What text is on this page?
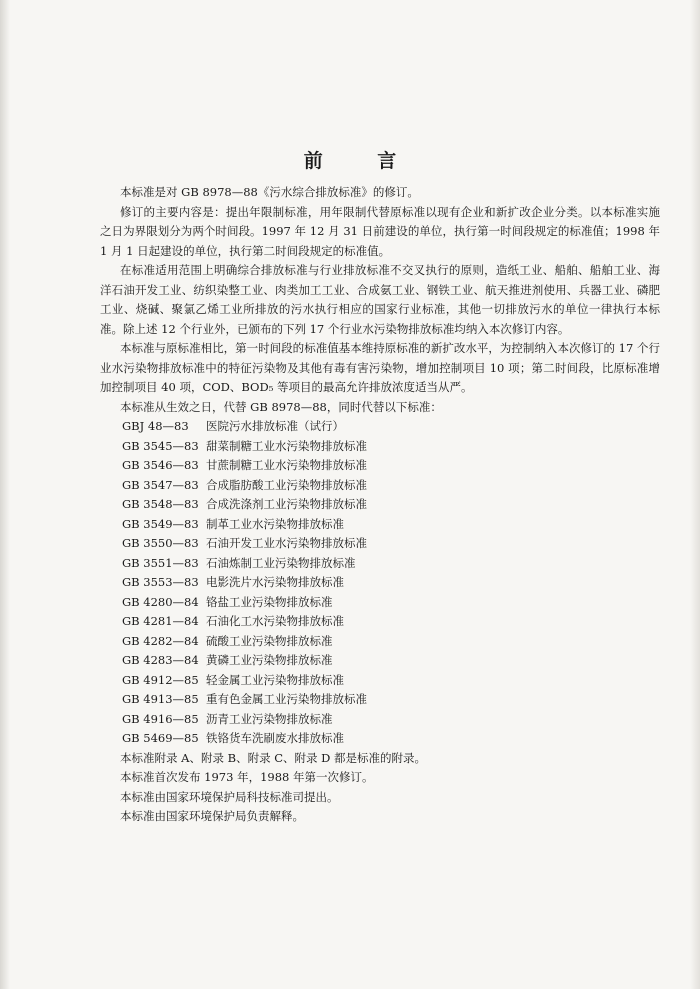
前 言

本标准是对 GB 8978—88《污水综合排放标准》的修订。

修订的主要内容是：提出年限制标准，用年限制代替原标准以现有企业和新扩改企业分类。以本标准实施之日为界限划分为两个时间段。1997 年 12 月 31 日前建设的单位，执行第一时间段规定的标准值；1998 年 1 月 1 日起建设的单位，执行第二时间段规定的标准值。

在标准适用范围上明确综合排放标准与行业排放标准不交叉执行的原则，造纸工业、船舶、船舶工业、海洋石油开发工业、纺织染整工业、肉类加工工业、合成氨工业、钢铁工业、航天推进剂使用、兵器工业、磷肥工业、烧碱、聚氯乙烯工业所排放的污水执行相应的国家行业标准，其他一切排放污水的单位一律执行本标准。除上述 12 个行业外，已颁布的下列 17 个行业水污染物排放标准均纳入本次修订内容。

本标准与原标准相比，第一时间段的标准值基本维持原标准的新扩改水平，为控制纳入本次修订的 17 个行业水污染物排放标准中的特征污染物及其他有毒有害污染物，增加控制项目 10 项；第二时间段，比原标准增加控制项目 40 项，COD、BOD₅ 等项目的最高允许排放浓度适当从严。

本标准从生效之日，代替 GB 8978—88，同时代替以下标准：

GBJ 48—83	医院污水排放标准（试行）
GB 3545—83 甜菜制糖工业水污染物排放标准
GB 3546—83 甘蔗制糖工业水污染物排放标准
GB 3547—83 合成脂肪酸工业污染物排放标准
GB 3548—83 合成洗涤剂工业污染物排放标准
GB 3549—83 制革工业水污染物排放标准
GB 3550—83 石油开发工业水污染物排放标准
GB 3551—83 石油炼制工业污染物排放标准
GB 3553—83 电影洗片水污染物排放标准
GB 4280—84 铬盐工业污染物排放标准
GB 4281—84 石油化工水污染物排放标准
GB 4282—84 硫酸工业污染物排放标准
GB 4283—84 黄磷工业污染物排放标准
GB 4912—85 轻金属工业污染物排放标准
GB 4913—85 重有色金属工业污染物排放标准
GB 4916—85 沥青工业污染物排放标准
GB 5469—85 铁铬货车洗刷废水排放标准

本标准附录 A、附录 B、附录 C、附录 D 都是标准的附录。

本标准首次发布 1973 年，1988 年第一次修订。

本标准由国家环境保护局科技标准司提出。

本标准由国家环境保护局负责解释。
